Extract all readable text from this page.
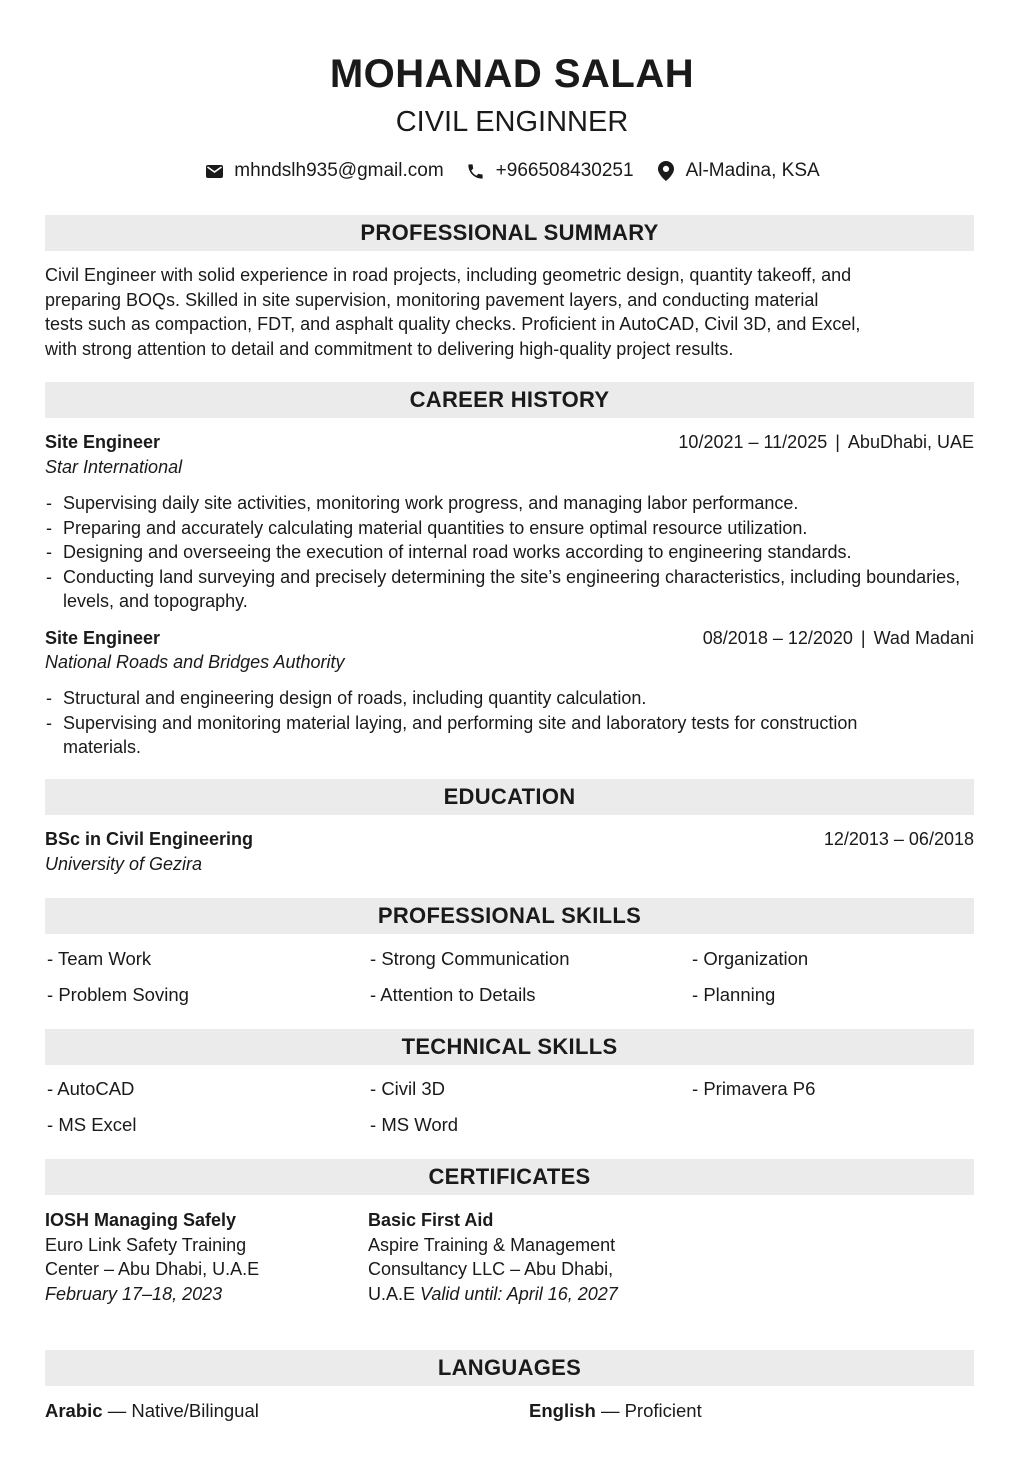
MOHANAD SALAH
CIVIL ENGINNER
mhndslh935@gmail.com	+966508430251	Al-Madina, KSA
PROFESSIONAL SUMMARY
Civil Engineer with solid experience in road projects, including geometric design, quantity takeoff, and
preparing BOQs. Skilled in site supervision, monitoring pavement layers, and conducting material
tests such as compaction, FDT, and asphalt quality checks. Proficient in AutoCAD, Civil 3D, and Excel,
with strong attention to detail and commitment to delivering high-quality project results.
CAREER HISTORY
Site Engineer	10/2021 – 11/2025 | AbuDhabi, UAE
Star International
- Supervising daily site activities, monitoring work progress, and managing labor performance.
- Preparing and accurately calculating material quantities to ensure optimal resource utilization.
- Designing and overseeing the execution of internal road works according to engineering standards.
- Conducting land surveying and precisely determining the site’s engineering characteristics, including boundaries, levels, and topography.
Site Engineer	08/2018 – 12/2020 | Wad Madani
National Roads and Bridges Authority
- Structural and engineering design of roads, including quantity calculation.
- Supervising and monitoring material laying, and performing site and laboratory tests for construction materials.
EDUCATION
BSc in Civil Engineering	12/2013 – 06/2018
University of Gezira
PROFESSIONAL SKILLS
- Team Work	- Strong Communication	- Organization
- Problem Soving	- Attention to Details	- Planning
TECHNICAL SKILLS
- AutoCAD	- Civil 3D	- Primavera P6
- MS Excel	- MS Word
CERTIFICATES
IOSH Managing Safely
Euro Link Safety Training Center – Abu Dhabi, U.A.E
February 17–18, 2023
Basic First Aid
Aspire Training & Management Consultancy LLC – Abu Dhabi, U.A.E Valid until: April 16, 2027
LANGUAGES
Arabic — Native/Bilingual	English — Proficient
